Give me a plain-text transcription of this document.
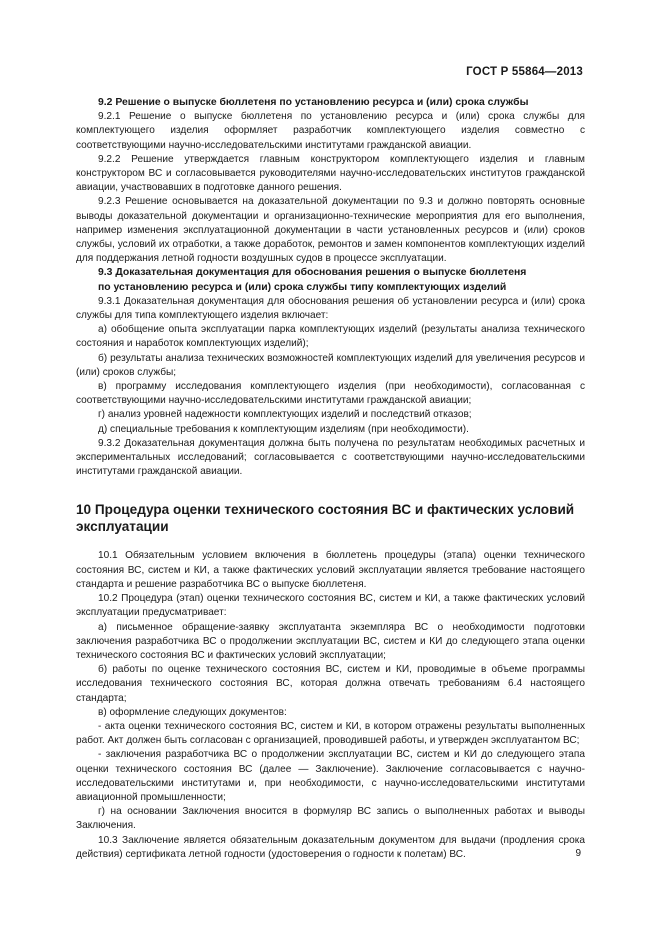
ГОСТ Р 55864—2013

9.2 Решение о выпуске бюллетеня по установлению ресурса и (или) срока службы

9.2.1 Решение о выпуске бюллетеня по установлению ресурса и (или) срока службы для комплектующего изделия оформляет разработчик комплектующего изделия совместно с соответствующими научно-исследовательскими институтами гражданской авиации.

9.2.2 Решение утверждается главным конструктором комплектующего изделия и главным конструктором ВС и согласовывается руководителями научно-исследовательских институтов гражданской авиации, участвовавших в подготовке данного решения.

9.2.3 Решение основывается на доказательной документации по 9.3 и должно повторять основные выводы доказательной документации и организационно-технические мероприятия для его выполнения, например изменения эксплуатационной документации в части установленных ресурсов и (или) сроков службы, условий их отработки, а также доработок, ремонтов и замен компонентов комплектующих изделий для поддержания летной годности воздушных судов в процессе эксплуатации.

9.3 Доказательная документация для обоснования решения о выпуске бюллетеня

по установлению ресурса и (или) срока службы типу комплектующих изделий

9.3.1 Доказательная документация для обоснования решения об установлении ресурса и (или) срока службы для типа комплектующего изделия включает:

а) обобщение опыта эксплуатации парка комплектующих изделий (результаты анализа технического состояния и наработок комплектующих изделий);

б) результаты анализа технических возможностей комплектующих изделий для увеличения ресурсов и (или) сроков службы;

в) программу исследования комплектующего изделия (при необходимости), согласованная с соответствующими научно-исследовательскими институтами гражданской авиации;

г) анализ уровней надежности комплектующих изделий и последствий отказов;

д) специальные требования к комплектующим изделиям (при необходимости).

9.3.2 Доказательная документация должна быть получена по результатам необходимых расчетных и экспериментальных исследований; согласовывается с соответствующими научно-исследовательскими институтами гражданской авиации.

10 Процедура оценки технического состояния ВС и фактических условий
эксплуатации

10.1 Обязательным условием включения в бюллетень процедуры (этапа) оценки технического состояния ВС, систем и КИ, а также фактических условий эксплуатации является требование настоящего стандарта и решение разработчика ВС о выпуске бюллетеня.

10.2 Процедура (этап) оценки технического состояния ВС, систем и КИ, а также фактических условий эксплуатации предусматривает:

а) письменное обращение-заявку эксплуатанта экземпляра ВС о необходимости подготовки заключения разработчика ВС о продолжении эксплуатации ВС, систем и КИ до следующего этапа оценки технического состояния ВС и фактических условий эксплуатации;

б) работы по оценке технического состояния ВС, систем и КИ, проводимые в объеме программы исследования технического состояния ВС, которая должна отвечать требованиям 6.4 настоящего стандарта;

в) оформление следующих документов:

- акта оценки технического состояния ВС, систем и КИ, в котором отражены результаты выполненных работ. Акт должен быть согласован с организацией, проводившей работы, и утвержден эксплуатантом ВС;

- заключения разработчика ВС о продолжении эксплуатации ВС, систем и КИ до следующего этапа оценки технического состояния ВС (далее — Заключение). Заключение согласовывается с научно-исследовательскими институтами и, при необходимости, с научно-исследовательскими институтами авиационной промышленности;

г) на основании Заключения вносится в формуляр ВС запись о выполненных работах и выводы Заключения.

10.3 Заключение является обязательным доказательным документом для выдачи (продления срока действия) сертификата летной годности (удостоверения о годности к полетам) ВС.	9
